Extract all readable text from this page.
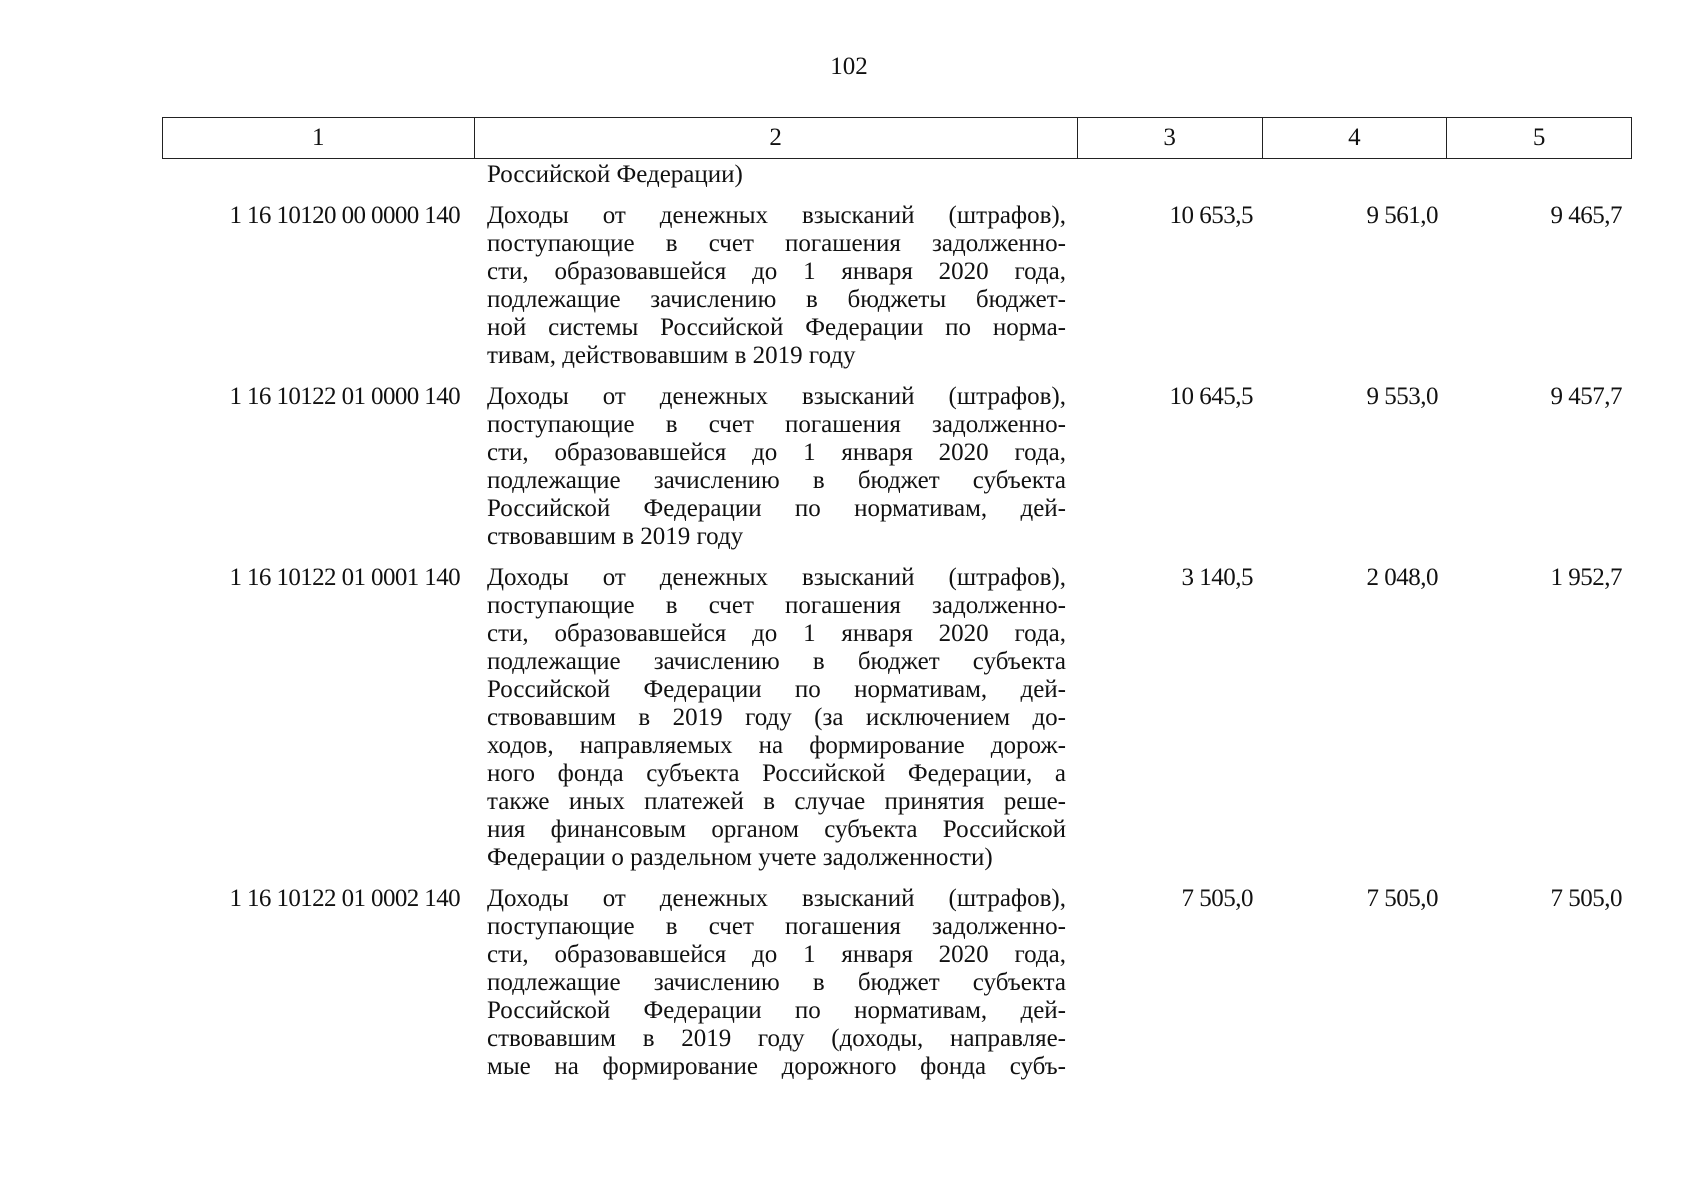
102
1	2	3	4	5
Российской Федерации)
1 16 10120 00 0000 140	Доходы от денежных взысканий (штрафов),
поступающие в счет погашения задолженно-
сти, образовавшейся до 1 января 2020 года,
подлежащие зачислению в бюджеты бюджет-
ной системы Российской Федерации по норма-
тивам, действовавшим в 2019 году
10 653,5	9 561,0	9 465,7
1 16 10122 01 0000 140	Доходы от денежных взысканий (штрафов),
поступающие в счет погашения задолженно-
сти, образовавшейся до 1 января 2020 года,
подлежащие зачислению в бюджет субъекта
Российской Федерации по нормативам, дей-
ствовавшим в 2019 году
10 645,5	9 553,0	9 457,7
1 16 10122 01 0001 140	Доходы от денежных взысканий (штрафов),
поступающие в счет погашения задолженно-
сти, образовавшейся до 1 января 2020 года,
подлежащие зачислению в бюджет субъекта
Российской Федерации по нормативам, дей-
ствовавшим в 2019 году (за исключением до-
ходов, направляемых на формирование дорож-
ного фонда субъекта Российской Федерации, а
также иных платежей в случае принятия реше-
ния финансовым органом субъекта Российской
Федерации о раздельном учете задолженности)
3 140,5	2 048,0	1 952,7
1 16 10122 01 0002 140	Доходы от денежных взысканий (штрафов),
поступающие в счет погашения задолженно-
сти, образовавшейся до 1 января 2020 года,
подлежащие зачислению в бюджет субъекта
Российской Федерации по нормативам, дей-
ствовавшим в 2019 году (доходы, направляе-
мые на формирование дорожного фонда субъ-
7 505,0	7 505,0	7 505,0
